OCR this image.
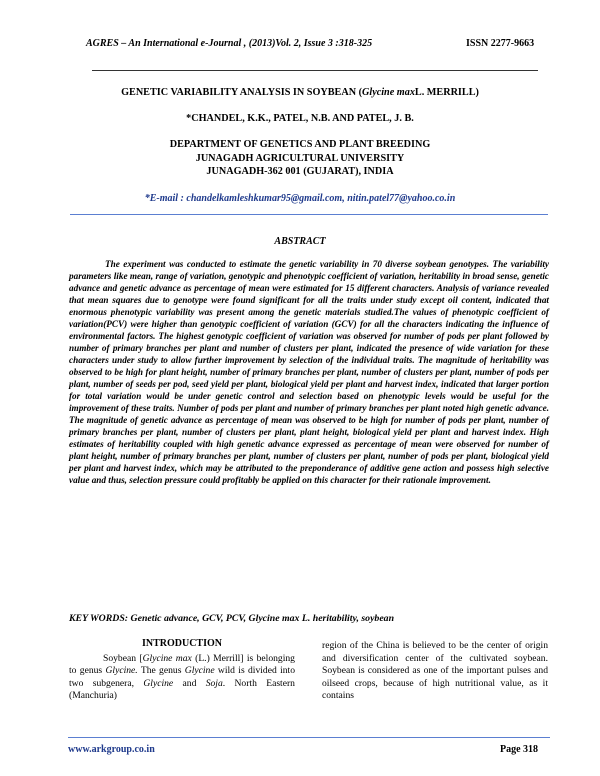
AGRES – An International e-Journal , (2013)Vol. 2, Issue 3 :318-325	ISSN 2277-9663
GENETIC VARIABILITY ANALYSIS IN SOYBEAN (Glycine maxL. MERRILL)
*CHANDEL, K.K., PATEL, N.B. AND PATEL, J. B.
DEPARTMENT OF GENETICS AND PLANT BREEDING
JUNAGADH AGRICULTURAL UNIVERSITY
JUNAGADH-362 001 (GUJARAT), INDIA
*E-mail : chandelkamleshkumar95@gmail.com, nitin.patel77@yahoo.co.in
ABSTRACT

The experiment was conducted to estimate the genetic variability in 70 diverse soybean genotypes. The variability parameters like mean, range of variation, genotypic and phenotypic coefficient of variation, heritability in broad sense, genetic advance and genetic advance as percentage of mean were estimated for 15 different characters. Analysis of variance revealed that mean squares due to genotype were found significant for all the traits under study except oil content, indicated that enormous phenotypic variability was present among the genetic materials studied.The values of phenotypic coefficient of variation(PCV) were higher than genotypic coefficient of variation (GCV) for all the characters indicating the influence of environmental factors. The highest genotypic coefficient of variation was observed for number of pods per plant followed by number of primary branches per plant and number of clusters per plant, indicated the presence of wide variation for these characters under study to allow further improvement by selection of the individual traits. The magnitude of heritability was observed to be high for plant height, number of primary branches per plant, number of clusters per plant, number of pods per plant, number of seeds per pod, seed yield per plant, biological yield per plant and harvest index, indicated that larger portion for total variation would be under genetic control and selection based on phenotypic levels would be useful for the improvement of these traits. Number of pods per plant and number of primary branches per plant noted high genetic advance. The magnitude of genetic advance as percentage of mean was observed to be high for number of pods per plant, number of primary branches per plant, number of clusters per plant, plant height, biological yield per plant and harvest index. High estimates of heritability coupled with high genetic advance expressed as percentage of mean were observed for number of plant height, number of primary branches per plant, number of clusters per plant, number of pods per plant, biological yield per plant and harvest index, which may be attributed to the preponderance of additive gene action and possess high selective value and thus, selection pressure could profitably be applied on this character for their rationale improvement.

KEY WORDS: Genetic advance, GCV, PCV, Glycine max L. heritability, soybean
INTRODUCTION

Soybean [Glycine max (L.) Merrill] is belonging to genus Glycine. The genus Glycine wild is divided into two subgenera, Glycine and Soja. North Eastern (Manchuria)

region of the China is believed to be the center of origin and diversification center of the cultivated soybean. Soybean is considered as one of the important pulses and oilseed crops, because of high nutritional value, as it contains

www.arkgroup.co.in	Page 318
